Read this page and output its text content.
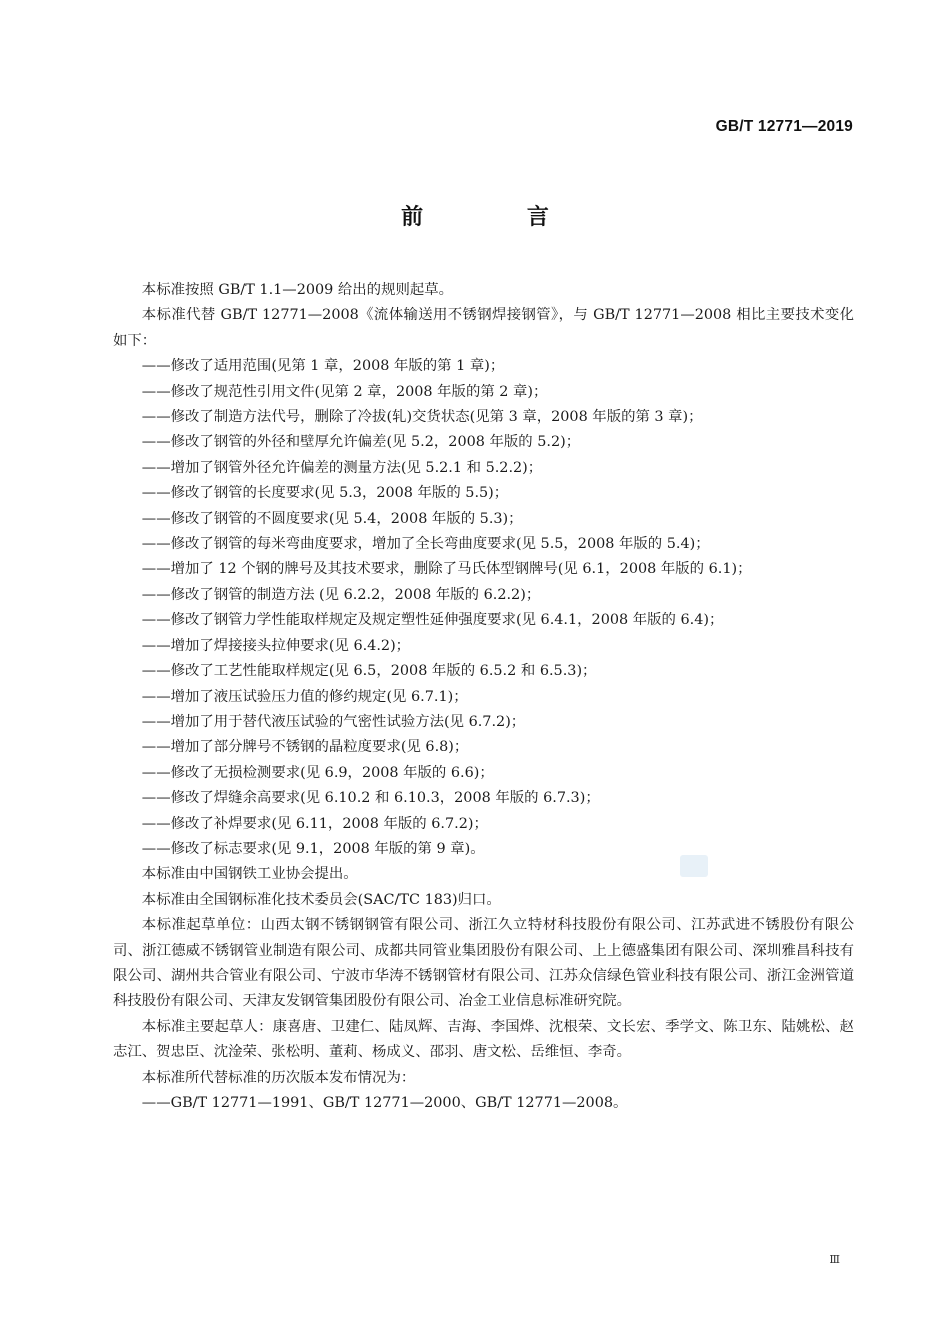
GB/T 12771—2019
前 言

本标准按照 GB/T 1.1—2009 给出的规则起草。

本标准代替 GB/T 12771—2008《流体输送用不锈钢焊接钢管》，与 GB/T 12771—2008 相比主要技术变化如下：

——修改了适用范围(见第 1 章，2008 年版的第 1 章)；

——修改了规范性引用文件(见第 2 章，2008 年版的第 2 章)；

——修改了制造方法代号，删除了冷拔(轧)交货状态(见第 3 章，2008 年版的第 3 章)；

——修改了钢管的外径和壁厚允许偏差(见 5.2，2008 年版的 5.2)；

——增加了钢管外径允许偏差的测量方法(见 5.2.1 和 5.2.2)；

——修改了钢管的长度要求(见 5.3，2008 年版的 5.5)；

——修改了钢管的不圆度要求(见 5.4，2008 年版的 5.3)；

——修改了钢管的每米弯曲度要求，增加了全长弯曲度要求(见 5.5，2008 年版的 5.4)；

——增加了 12 个钢的牌号及其技术要求，删除了马氏体型钢牌号(见 6.1，2008 年版的 6.1)；

——修改了钢管的制造方法 (见 6.2.2，2008 年版的 6.2.2)；

——修改了钢管力学性能取样规定及规定塑性延伸强度要求(见 6.4.1，2008 年版的 6.4)；

——增加了焊接接头拉伸要求(见 6.4.2)；

——修改了工艺性能取样规定(见 6.5，2008 年版的 6.5.2 和 6.5.3)；

——增加了液压试验压力值的修约规定(见 6.7.1)；

——增加了用于替代液压试验的气密性试验方法(见 6.7.2)；

——增加了部分牌号不锈钢的晶粒度要求(见 6.8)；

——修改了无损检测要求(见 6.9，2008 年版的 6.6)；

——修改了焊缝余高要求(见 6.10.2 和 6.10.3，2008 年版的 6.7.3)；

——修改了补焊要求(见 6.11，2008 年版的 6.7.2)；

——修改了标志要求(见 9.1，2008 年版的第 9 章)。

本标准由中国钢铁工业协会提出。

本标准由全国钢标准化技术委员会(SAC/TC 183)归口。

本标准起草单位：山西太钢不锈钢钢管有限公司、浙江久立特材科技股份有限公司、江苏武进不锈股份有限公司、浙江德威不锈钢管业制造有限公司、成都共同管业集团股份有限公司、上上德盛集团有限公司、深圳雅昌科技有限公司、湖州共合管业有限公司、宁波市华涛不锈钢管材有限公司、江苏众信绿色管业科技有限公司、浙江金洲管道科技股份有限公司、天津友发钢管集团股份有限公司、冶金工业信息标准研究院。

本标准主要起草人：康喜唐、卫建仁、陆凤辉、吉海、李国烨、沈根荣、文长宏、季学文、陈卫东、陆姚松、赵志江、贺忠臣、沈淦荣、张松明、董莉、杨成义、邵羽、唐文松、岳维恒、李奇。

本标准所代替标准的历次版本发布情况为：

——GB/T 12771—1991、GB/T 12771—2000、GB/T 12771—2008。

Ⅲ
